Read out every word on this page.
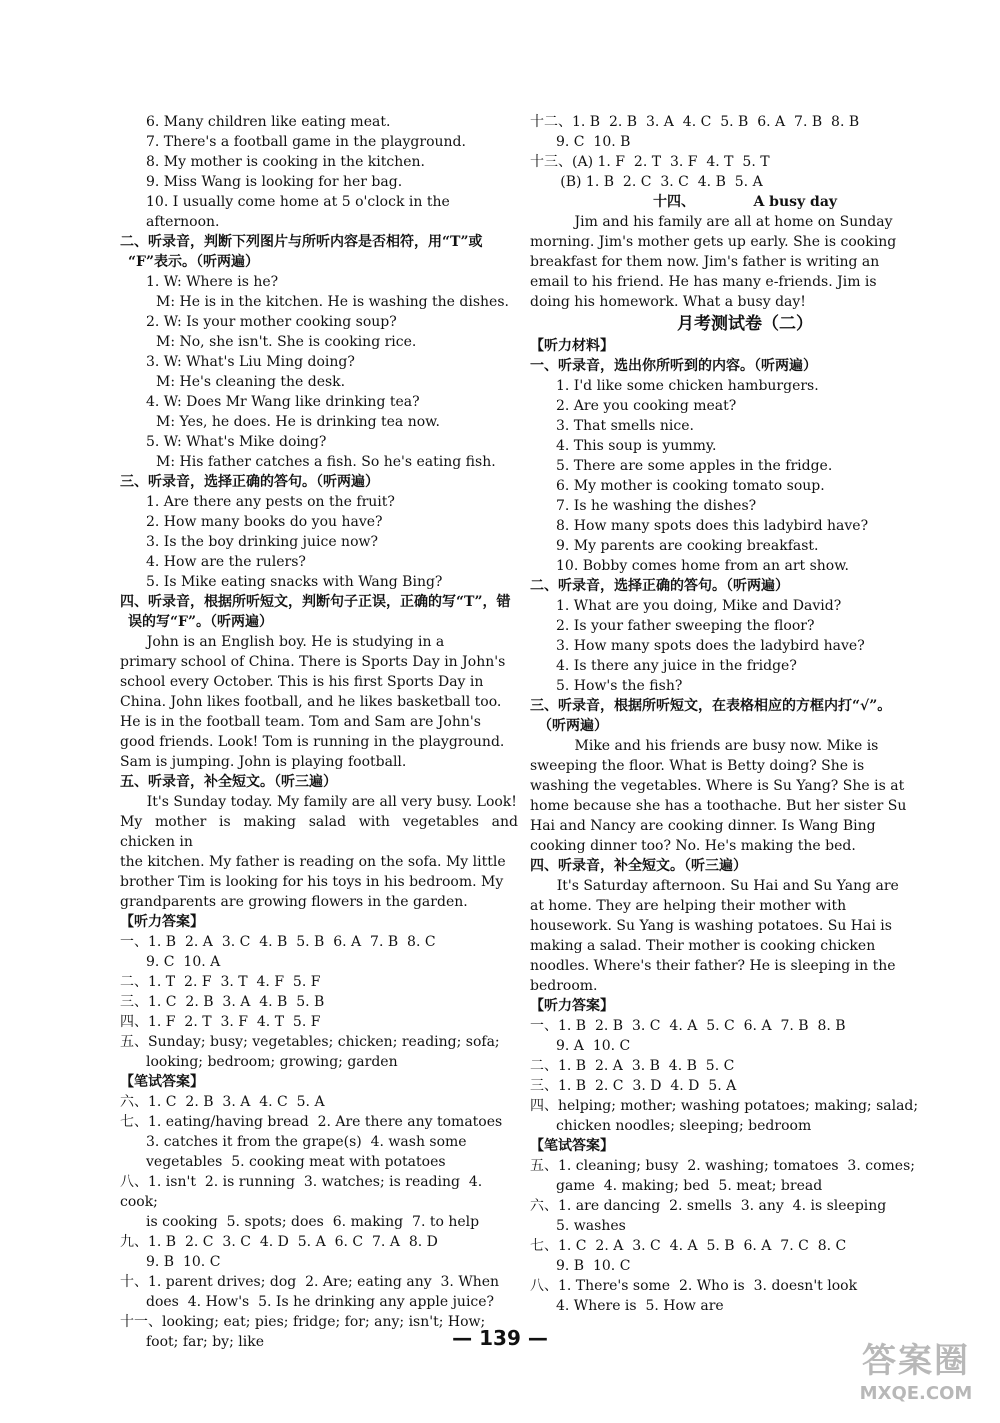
6. Many children like eating meat.

7. There's a football game in the playground.

8. My mother is cooking in the kitchen.

9. Miss Wang is looking for her bag.

10. I usually come home at 5 o'clock in the afternoon.

二、听录音，判断下列图片与所听内容是否相符，用“T”或

“F”表示。（听两遍）

1. W: Where is he?

M: He is in the kitchen. He is washing the dishes.

2. W: Is your mother cooking soup?

M: No, she isn't. She is cooking rice.

3. W: What's Liu Ming doing?

M: He's cleaning the desk.

4. W: Does Mr Wang like drinking tea?

M: Yes, he does. He is drinking tea now.

5. W: What's Mike doing?

M: His father catches a fish. So he's eating fish.

三、听录音，选择正确的答句。（听两遍）

1. Are there any pests on the fruit?

2. How many books do you have?

3. Is the boy drinking juice now?

4. How are the rulers?

5. Is Mike eating snacks with Wang Bing?

四、听录音，根据所听短文，判断句子正误，正确的写“T”，错

误的写“F”。（听两遍）

John is an English boy. He is studying in a

primary school of China. There is Sports Day in John's

school every October. This is his first Sports Day in

China. John likes football, and he likes basketball too.

He is in the football team. Tom and Sam are John's

good friends. Look! Tom is running in the playground.

Sam is jumping. John is playing football.

五、听录音，补全短文。（听三遍）

It's Sunday today. My family are all very busy. Look!

My mother is making salad with vegetables and chicken in

the kitchen. My father is reading on the sofa. My little

brother Tim is looking for his toys in his bedroom. My

grandparents are growing flowers in the garden.

【听力答案】

一、1. B  2. A  3. C  4. B  5. B  6. A  7. B  8. C

9. C  10. A

二、1. T  2. F  3. T  4. F  5. F

三、1. C  2. B  3. A  4. B  5. B

四、1. F  2. T  3. F  4. T  5. F

五、Sunday; busy; vegetables; chicken; reading; sofa;

looking; bedroom; growing; garden

【笔试答案】

六、1. C  2. B  3. A  4. C  5. A

七、1. eating/having bread  2. Are there any tomatoes

3. catches it from the grape(s)  4. wash some

vegetables  5. cooking meat with potatoes

八、1. isn't  2. is running  3. watches; is reading  4. cook;

is cooking  5. spots; does  6. making  7. to help

九、1. B  2. C  3. C  4. D  5. A  6. C  7. A  8. D

9. B  10. C

十、1. parent drives; dog  2. Are; eating any  3. When

does  4. How's  5. Is he drinking any apple juice?

十一、looking; eat; pies; fridge; for; any; isn't; How;

foot; far; by; like

十二、1. B  2. B  3. A  4. C  5. B  6. A  7. B  8. B

9. C  10. B

十三、(A) 1. F  2. T  3. F  4. T  5. T

(B) 1. B  2. C  3. C  4. B  5. A

十四、            A busy day

Jim and his family are all at home on Sunday

morning. Jim's mother gets up early. She is cooking

breakfast for them now. Jim's father is writing an

email to his friend. He has many e-friends. Jim is

doing his homework. What a busy day!

月考测试卷（二）

【听力材料】

一、听录音，选出你所听到的内容。（听两遍）

1. I'd like some chicken hamburgers.

2. Are you cooking meat?

3. That smells nice.

4. This soup is yummy.

5. There are some apples in the fridge.

6. My mother is cooking tomato soup.

7. Is he washing the dishes?

8. How many spots does this ladybird have?

9. My parents are cooking breakfast.

10. Bobby comes home from an art show.

二、听录音，选择正确的答句。（听两遍）

1. What are you doing, Mike and David?

2. Is your father sweeping the floor?

3. How many spots does the ladybird have?

4. Is there any juice in the fridge?

5. How's the fish?

三、听录音，根据所听短文，在表格相应的方框内打“√”。

（听两遍）

Mike and his friends are busy now. Mike is

sweeping the floor. What is Betty doing? She is

washing the vegetables. Where is Su Yang? She is at

home because she has a toothache. But her sister Su

Hai and Nancy are cooking dinner. Is Wang Bing

cooking dinner too? No. He's making the bed.

四、听录音，补全短文。（听三遍）

It's Saturday afternoon. Su Hai and Su Yang are

at home. They are helping their mother with

housework. Su Yang is washing potatoes. Su Hai is

making a salad. Their mother is cooking chicken

noodles. Where's their father? He is sleeping in the

bedroom.

【听力答案】

一、1. B  2. B  3. C  4. A  5. C  6. A  7. B  8. B

9. A  10. C

二、1. B  2. A  3. B  4. B  5. C

三、1. B  2. C  3. D  4. D  5. A

四、helping; mother; washing potatoes; making; salad;

chicken noodles; sleeping; bedroom

【笔试答案】

五、1. cleaning; busy  2. washing; tomatoes  3. comes;

game  4. making; bed  5. meat; bread

六、1. are dancing  2. smells  3. any  4. is sleeping

5. washes

七、1. C  2. A  3. C  4. A  5. B  6. A  7. C  8. C

9. B  10. C

八、1. There's some  2. Who is  3. doesn't look

4. Where is  5. How are

— 139 —
答案圈
MXQE.COM
